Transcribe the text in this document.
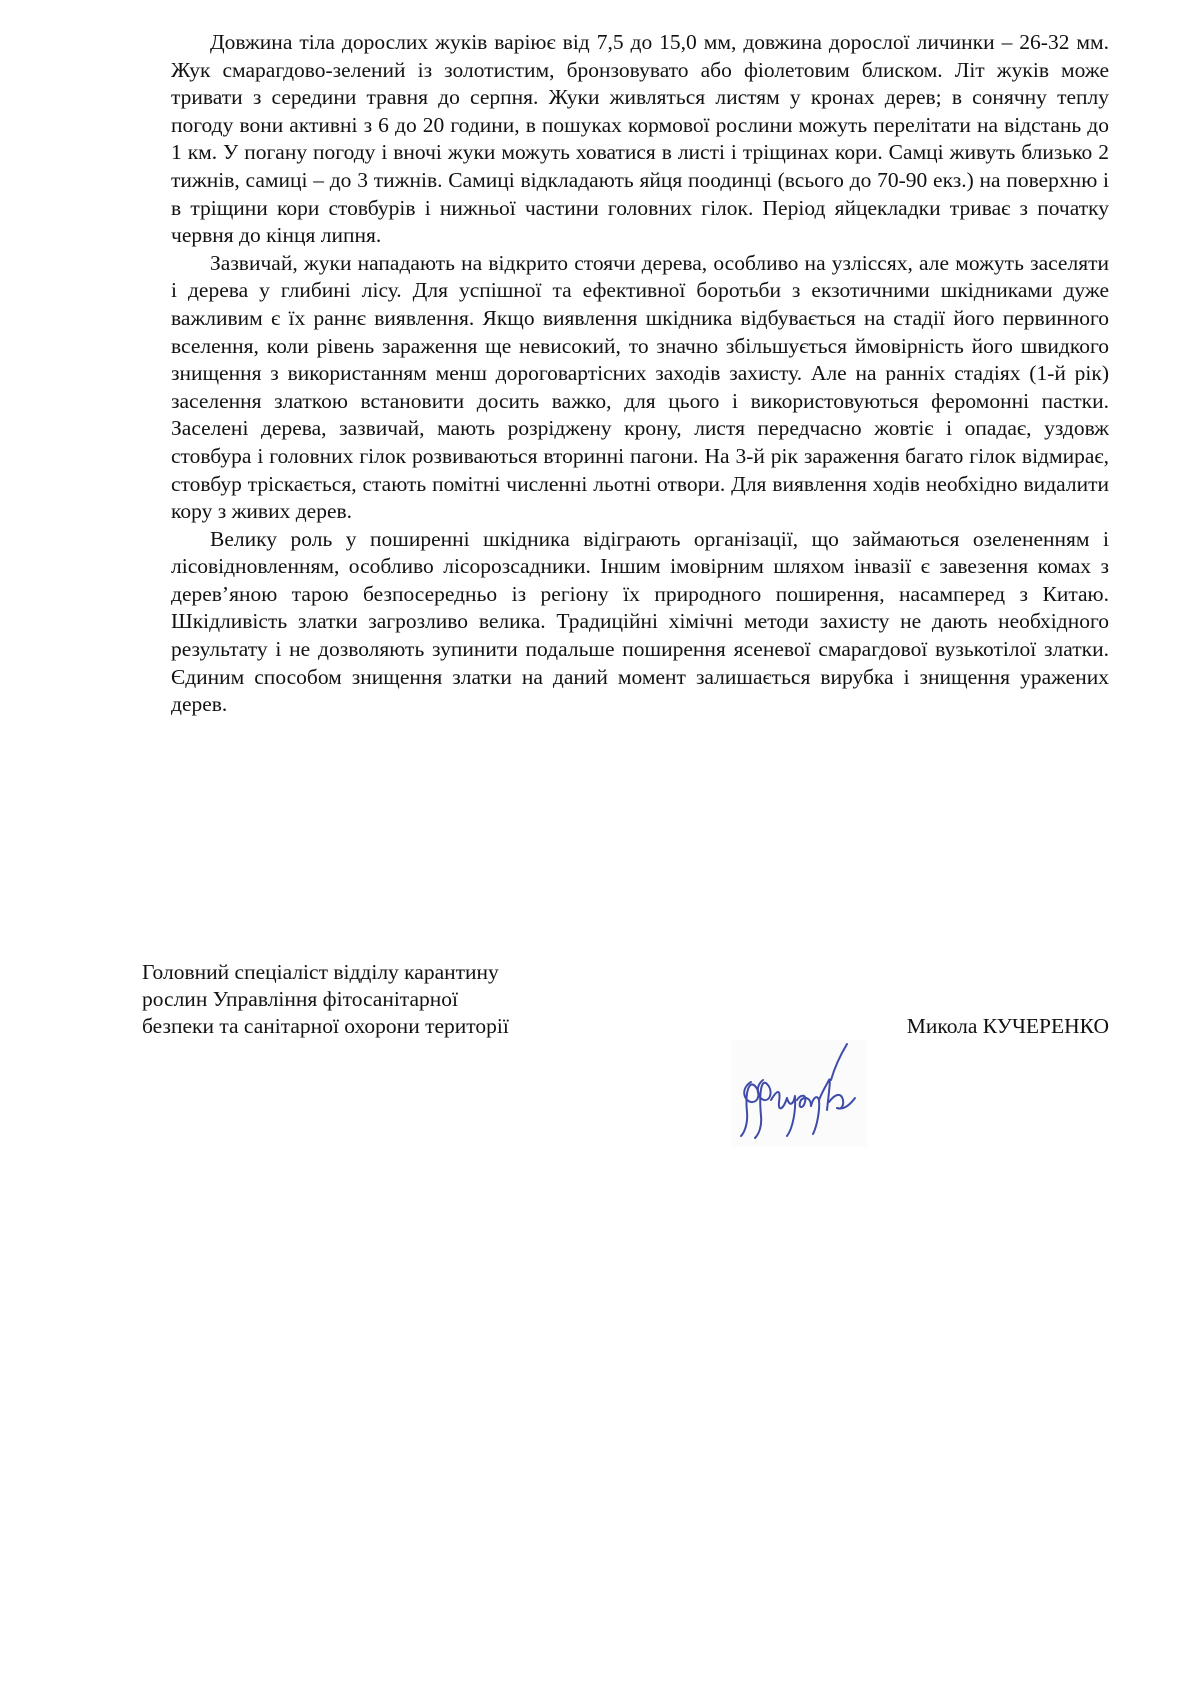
Довжина тіла дорослих жуків варіює від 7,5 до 15,0 мм, довжина дорослої личинки – 26-32 мм. Жук смарагдово-зелений із золотистим, бронзовувато або фіолетовим блиском. Літ жуків може тривати з середини травня до серпня. Жуки живляться листям у кронах дерев; в сонячну теплу погоду вони активні з 6 до 20 години, в пошуках кормової рослини можуть перелітати на відстань до 1 км. У погану погоду і вночі жуки можуть ховатися в листі і тріщинах кори. Самці живуть близько 2 тижнів, самиці – до 3 тижнів. Самиці відкладають яйця поодинці (всього до 70-90 екз.) на поверхню і в тріщини кори стовбурів і нижньої частини головних гілок. Період яйцекладки триває з початку червня до кінця липня.

Зазвичай, жуки нападають на відкрито стоячи дерева, особливо на узліссях, але можуть заселяти і дерева у глибині лісу. Для успішної та ефективної боротьби з екзотичними шкідниками дуже важливим є їх раннє виявлення. Якщо виявлення шкідника відбувається на стадії його первинного вселення, коли рівень зараження ще невисокий, то значно збільшується ймовірність його швидкого знищення з використанням менш дороговартісних заходів захисту. Але на ранніх стадіях (1-й рік) заселення златкою встановити досить важко, для цього і використовуються феромонні пастки. Заселені дерева, зазвичай, мають розріджену крону, листя передчасно жовтіє і опадає, уздовж стовбура і головних гілок розвиваються вторинні пагони. На 3-й рік зараження багато гілок відмирає, стовбур тріскається, стають помітні численні льотні отвори. Для виявлення ходів необхідно видалити кору з живих дерев.

Велику роль у поширенні шкідника відіграють організації, що займаються озелененням і лісовідновленням, особливо лісорозсадники. Іншим імовірним шляхом інвазії є завезення комах з дерев’яною тарою безпосередньо із регіону їх природного поширення, насамперед з Китаю. Шкідливість златки загрозливо велика. Традиційні хімічні методи захисту не дають необхідного результату і не дозволяють зупинити подальше поширення ясеневої смарагдової вузькотілої златки. Єдиним способом знищення златки на даний момент залишається вирубка і знищення уражених дерев.

Головний спеціаліст відділу карантину
рослин Управління фітосанітарної
безпеки та санітарної охорони території	Микола КУЧЕРЕНКО
